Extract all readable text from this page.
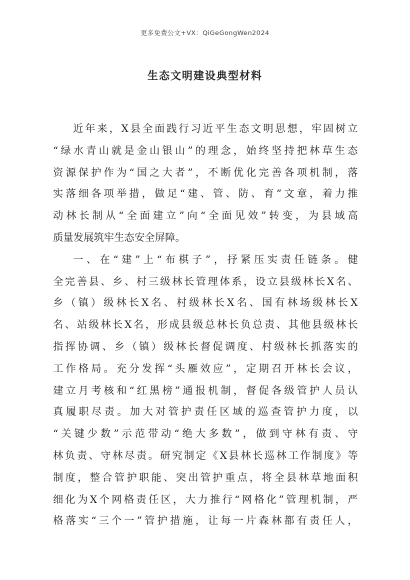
更多免费公文+VX：QiGeGongWen2024
生态文明建设典型材料
近 年 来 ， X 县 全 面 践 行 习 近 平 生 态 文 明 思 想 ， 牢 固 树 立
“ 绿 水 青 山 就 是 金 山 银 山 ” 的 理 念 ， 始 终 坚 持 把 林 草 生 态
资 源 保 护 作 为 “ 国 之 大 者 ” ， 不 断 优 化 完 善 各 项 机 制 ， 落
实 落 细 各 项 举 措 ， 做 足 “ 建 、 管 、 防 、 育 ” 文 章 ， 着 力 推
动 林 长 制 从 “ 全 面 建 立 ” 向 “ 全 面 见 效 ” 转 变 ， 为 县 域 高
质量发展筑牢生态安全屏障。
一 、 在 “ 建 ” 上 “ 布 棋 子 ” ， 抒 紧 压 实 责 任 链 条 。 健
全 完 善 县 、 乡 、 村 三 级 林 长 管 理 体 系 ， 设 立 县 级 林 长 X 名 、
乡 （ 镇 ） 级 林 长 X 名 、 村 级 林 长 X 名 、 国 有 林 场 级 林 长 X
名 、 站 级 林 长 X 名 ， 形 成 县 级 总 林 长 负 总 责 、 其 他 县 级 林 长
指 挥 协 调 、 乡 （ 镇 ） 级 林 长 督 促 调 度 、 村 级 林 长 抓 落 实 的
工 作 格 局 。 充 分 发 挥 “ 头 雁 效 应 ” ， 定 期 召 开 林 长 会 议 ，
建 立 月 考 核 和 “ 红 黑 榜 ” 通 报 机 制 ， 督 促 各 级 管 护 人 员 认
真 履 职 尽 责 。 加 大 对 管 护 责 任 区 域 的 巡 查 管 护 力 度 ， 以
“ 关 键 少 数 ” 示 范 带 动 “ 绝 大 多 数 ” ， 做 到 守 林 有 责 、 守
林 负 责 、 守 林 尽 责 。 研 究 制 定 《 X 县 林 长 巡 林 工 作 制 度 》 等
制 度 ， 整 合 管 护 职 能 、 突 出 管 护 重 点 ， 将 全 县 林 草 地 面 积
细 化 为 X 个 网 格 责 任 区 ， 大 力 推 行 “ 网 格 化 ” 管 理 机 制 ， 严
格 落 实 “ 三 个 一 ” 管 护 措 施 ， 让 每 一 片 森 林 都 有 责 任 人 ，
